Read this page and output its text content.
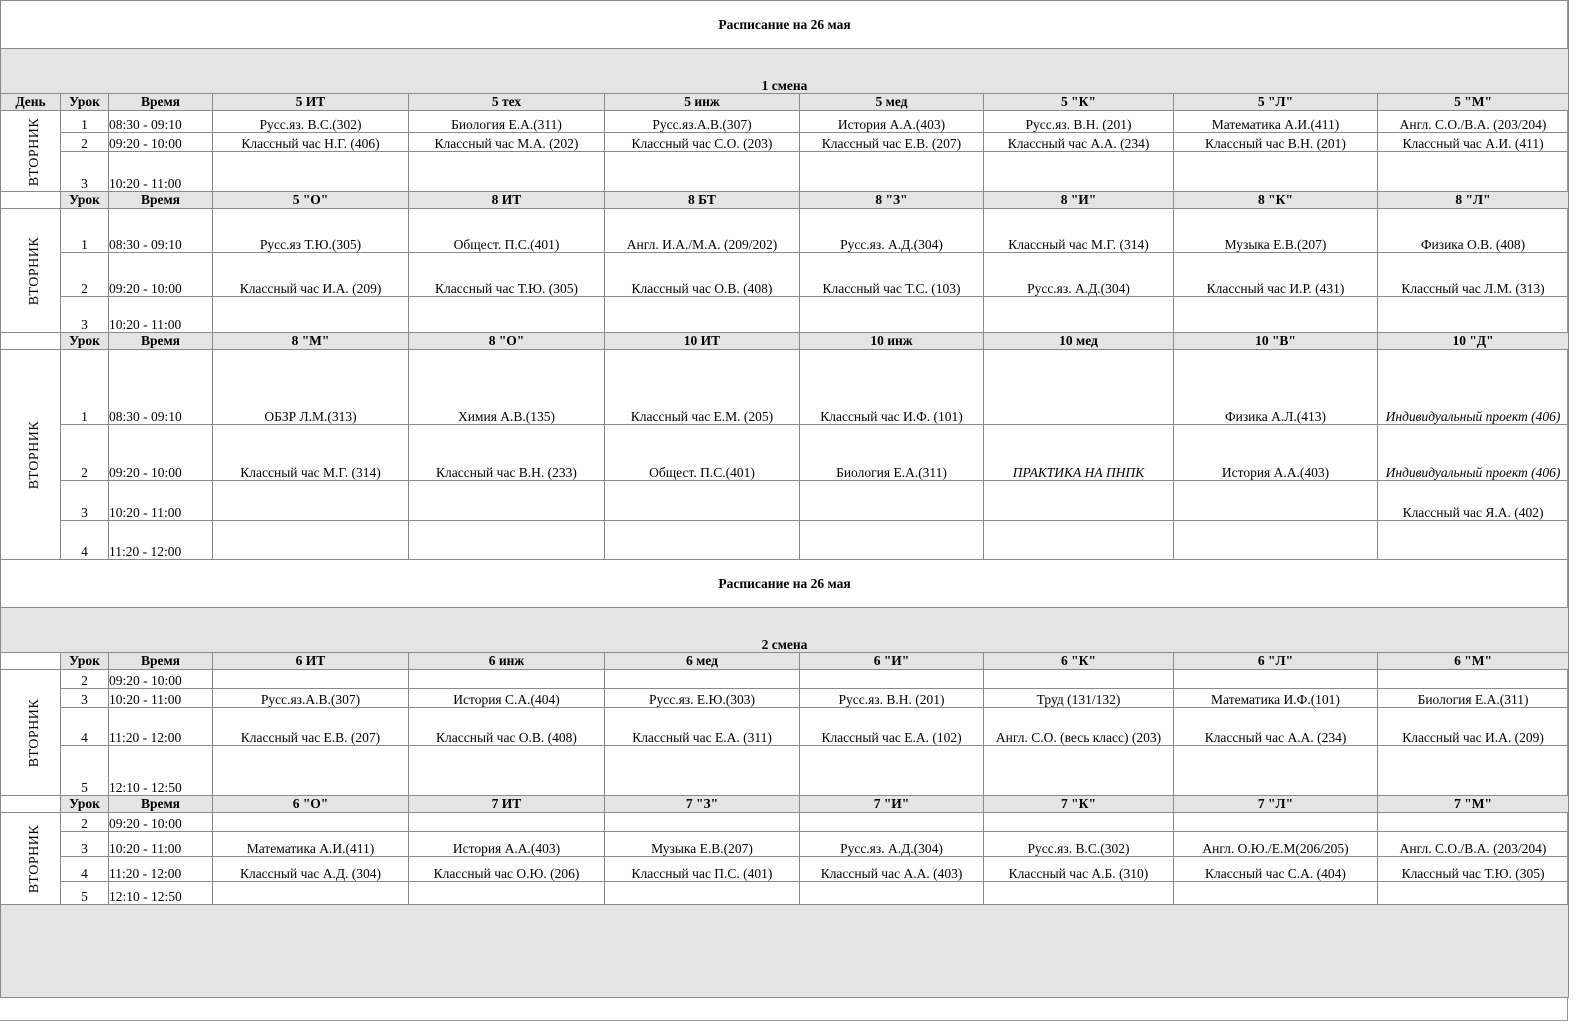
Расписание на 26 мая									
1 смена									
День	Урок	Время	5 ИТ	5 тех	5 инж	5 мед	5 "К"	5 "Л"	5 "М"
ВТОРНИК	1	08:30 - 09:10	Русс.яз. В.С.(302)	Биология Е.А.(311)	Русс.яз.А.В.(307)	История А.А.(403)	Русс.яз. В.Н. (201)	Математика А.И.(411)	Англ. С.О./В.А. (203/204)
	2	09:20 - 10:00	Классный час Н.Г. (406)	Классный час М.А. (202)	Классный час С.О. (203)	Классный час Е.В. (207)	Классный час А.А. (234)	Классный час В.Н. (201)	Классный час А.И. (411)
	3	10:20 - 11:00							
	Урок	Время	5 "О"	8 ИТ	8 БТ	8 "З"	8 "И"	8 "К"	8 "Л"
ВТОРНИК	1	08:30 - 09:10	Русс.яз Т.Ю.(305)	Общест. П.С.(401)	Англ. И.А./М.А. (209/202)	Русс.яз. А.Д.(304)	Классный час М.Г. (314)	Музыка Е.В.(207)	Физика О.В. (408)
	2	09:20 - 10:00	Классный час И.А. (209)	Классный час Т.Ю. (305)	Классный час О.В. (408)	Классный час Т.С. (103)	Русс.яз. А.Д.(304)	Классный час И.Р. (431)	Классный час Л.М. (313)
	3	10:20 - 11:00							
	Урок	Время	8 "М"	8 "О"	10 ИТ	10 инж	10 мед	10 "В"	10 "Д"
ВТОРНИК	1	08:30 - 09:10	ОБЗР Л.М.(313)	Химия А.В.(135)	Классный час Е.М. (205)	Классный час И.Ф. (101)		Физика А.Л.(413)	Индивидуальный проект (406)
	2	09:20 - 10:00	Классный час М.Г. (314)	Классный час В.Н. (233)	Общест. П.С.(401)	Биология Е.А.(311)	ПРАКТИКА НА ПНПК	История А.А.(403)	Индивидуальный проект (406)
	3	10:20 - 11:00							Классный час Я.А. (402)
	4	11:20 - 12:00							
Расписание на 26 мая									
2 смена									
	Урок	Время	6 ИТ	6 инж	6 мед	6 "И"	6 "К"	6 "Л"	6 "М"
ВТОРНИК	2	09:20 - 10:00							
	3	10:20 - 11:00	Русс.яз.А.В.(307)	История С.А.(404)	Русс.яз. Е.Ю.(303)	Русс.яз. В.Н. (201)	Труд (131/132)	Математика И.Ф.(101)	Биология Е.А.(311)
	4	11:20 - 12:00	Классный час Е.В. (207)	Классный час О.В. (408)	Классный час Е.А. (311)	Классный час Е.А. (102)	Англ. С.О. (весь класс) (203)	Классный час А.А. (234)	Классный час И.А. (209)
	5	12:10 - 12:50							
	Урок	Время	6 "О"	7 ИТ	7 "З"	7 "И"	7 "К"	7 "Л"	7 "М"
ВТОРНИК	2	09:20 - 10:00							
	3	10:20 - 11:00	Математика А.И.(411)	История А.А.(403)	Музыка Е.В.(207)	Русс.яз. А.Д.(304)	Русс.яз. В.С.(302)	Англ. О.Ю./Е.М(206/205)	Англ. С.О./В.А. (203/204)
	4	11:20 - 12:00	Классный час А.Д. (304)	Классный час О.Ю. (206)	Классный час П.С. (401)	Классный час А.А. (403)	Классный час А.Б. (310)	Классный час С.А. (404)	Классный час Т.Ю. (305)
	5	12:10 - 12:50							
